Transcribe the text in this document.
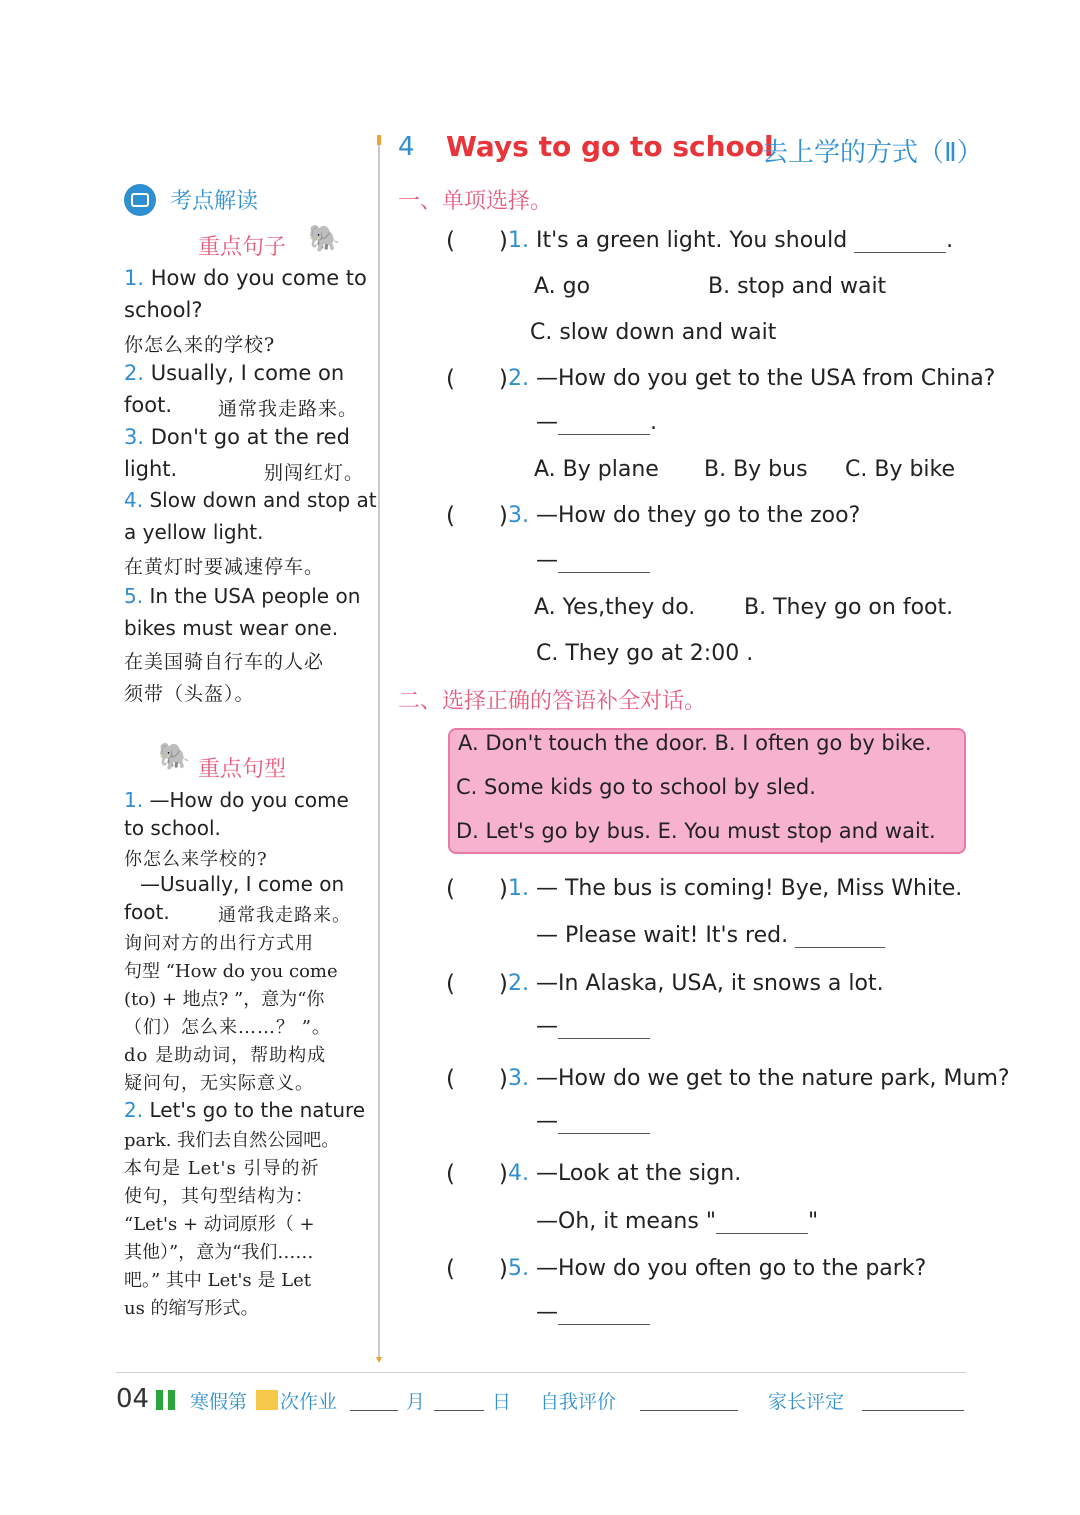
4 Ways to go to school
去上学的方式（Ⅱ）
考点解读
重点句子 🐘
1. How do you come to
school?
你怎么来的学校?
2. Usually, I come on
foot. 通常我走路来。
3. Don't go at the red
light.	别闯红灯。
4. Slow down and stop at
a yellow light.
在黄灯时要减速停车。
5. In the USA people on
bikes must wear one.
在美国骑自行车的人必
须带（头盔）。
🐘 重点句型
1. —How do you come
to school.
你怎么来学校的?
—Usually, I come on
foot.	通常我走路来。
询问对方的出行方式用
句型 “How do you come
(to) + 地点? ”，意为“你
（们）怎么来……？ ”。
do 是助动词，帮助构成
疑问句，无实际意义。
2. Let's go to the nature
park. 我们去自然公园吧。
本句是 Let's 引导的祈
使句，其句型结构为：
“Let's + 动词原形（ +
其他）”，意为“我们……
吧。” 其中 Let's 是 Let
us 的缩写形式。
一、单项选择。
(      ) 1. It's a green light. You should	.
A. go	B. stop and wait
C. slow down and wait
(      ) 2. —How do you get to the USA from China?
—	.
A. By plane B. By bus C. By bike
(      ) 3. —How do they go to the zoo?
—
A. Yes,they do. B. They go on foot.
C. They go at 2:00 .
二、选择正确的答语补全对话。
A. Don't touch the door. B. I often go by bike.
C. Some kids go to school by sled.
D. Let's go by bus. E. You must stop and wait.
(      ) 1. — The bus is coming! Bye, Miss White.
— Please wait! It's red.
(      ) 2. —In Alaska, USA, it snows a lot.
—
(      ) 3. —How do we get to the nature park, Mum?
—
(      ) 4. —Look at the sign.
—Oh, it means "	"
(      ) 5. —How do you often go to the park?
—
04 寒假第 次作业	月	日 自我评价	家长评定
